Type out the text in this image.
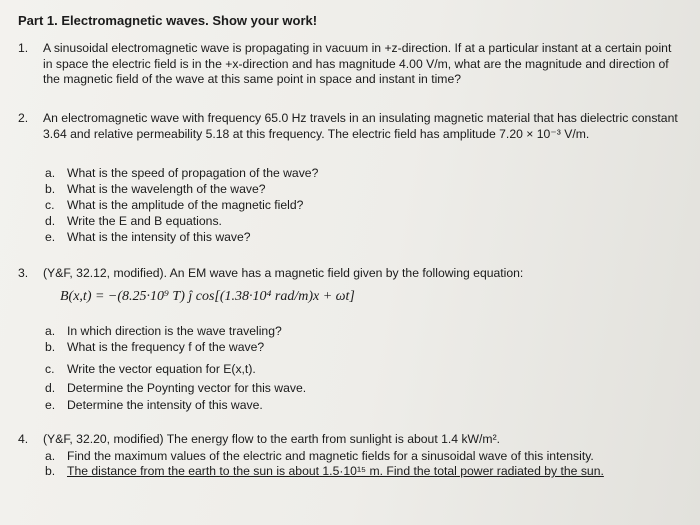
Part 1. Electromagnetic waves. Show your work!
1. A sinusoidal electromagnetic wave is propagating in vacuum in +z-direction. If at a particular instant at a certain point in space the electric field is in the +x-direction and has magnitude 4.00 V/m, what are the magnitude and direction of the magnetic field of the wave at this same point in space and instant in time?
2. An electromagnetic wave with frequency 65.0 Hz travels in an insulating magnetic material that has dielectric constant 3.64 and relative permeability 5.18 at this frequency. The electric field has amplitude 7.20 × 10⁻³ V/m.
a. What is the speed of propagation of the wave?
b. What is the wavelength of the wave?
c. What is the amplitude of the magnetic field?
d. Write the E and B equations.
e. What is the intensity of this wave?
3. (Y&F, 32.12, modified). An EM wave has a magnetic field given by the following equation:
B(x,t) = −(8.25·10⁹ T) ĵ cos[(1.38·10⁴ rad/m)x + ωt]
a. In which direction is the wave traveling?
b. What is the frequency f of the wave?
c. Write the vector equation for E(x,t).
d. Determine the Poynting vector for this wave.
e. Determine the intensity of this wave.
4. (Y&F, 32.20, modified) The energy flow to the earth from sunlight is about 1.4 kW/m².
a. Find the maximum values of the electric and magnetic fields for a sinusoidal wave of this intensity.
b. The distance from the earth to the sun is about 1.5·10¹⁵ m. Find the total power radiated by the sun.
